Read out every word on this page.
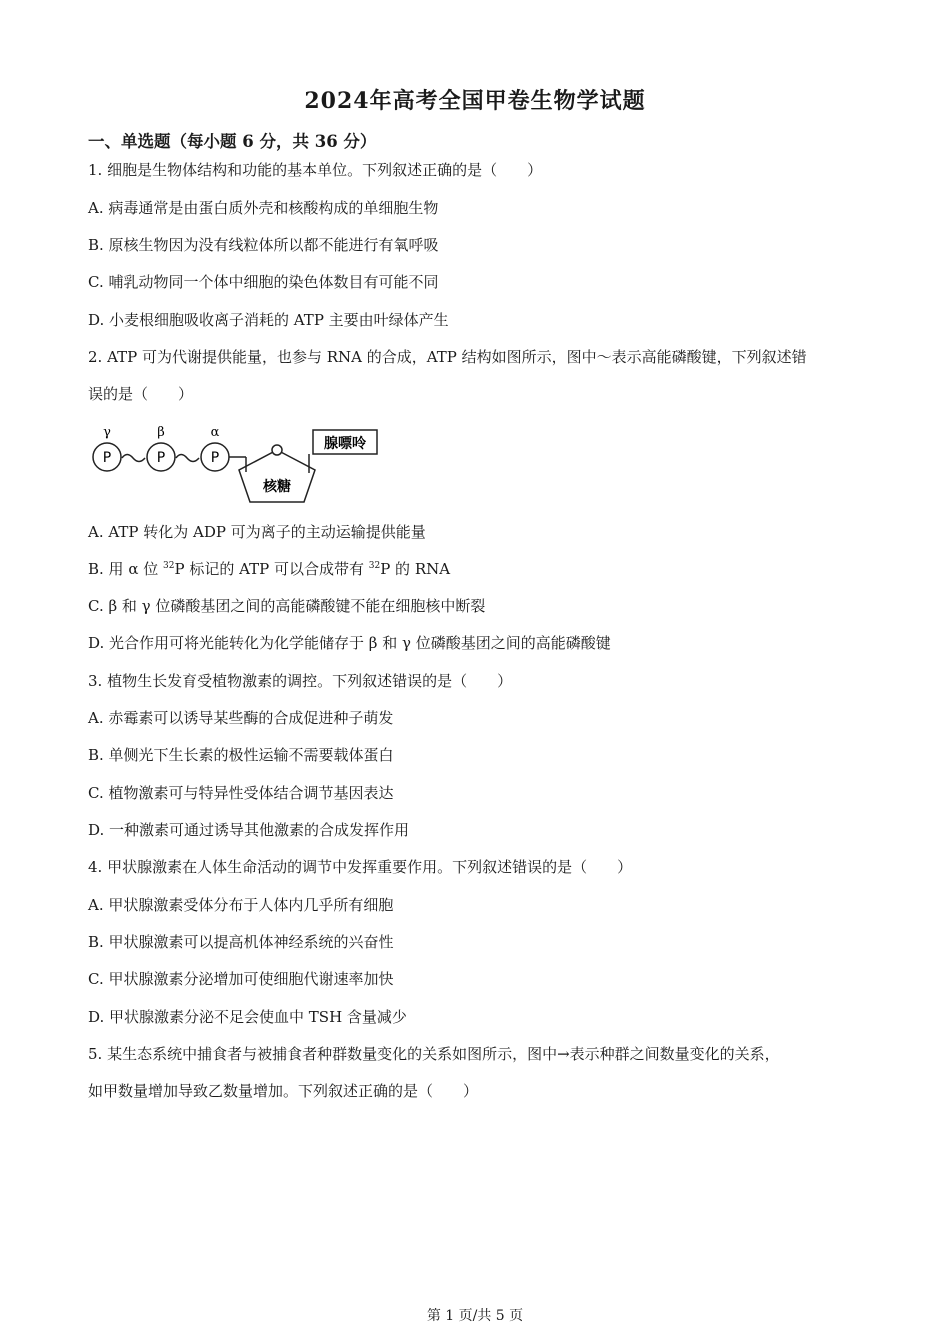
2024年高考全国甲卷生物学试题
一、单选题（每小题 6 分，共 36 分）
1. 细胞是生物体结构和功能的基本单位。下列叙述正确的是（　　）
A. 病毒通常是由蛋白质外壳和核酸构成的单细胞生物
B. 原核生物因为没有线粒体所以都不能进行有氧呼吸
C. 哺乳动物同一个体中细胞的染色体数目有可能不同
D. 小麦根细胞吸收离子消耗的 ATP 主要由叶绿体产生
2. ATP 可为代谢提供能量，也参与 RNA 的合成，ATP 结构如图所示，图中～表示高能磷酸键，下列叙述错
误的是（　　）
γ	β	α
P	P	P
核糖
腺嘌呤
A. ATP 转化为 ADP 可为离子的主动运输提供能量
B. 用 α 位 $^{32}$P 标记的 ATP 可以合成带有 $^{32}$P 的 RNA
C. β 和 γ 位磷酸基团之间的高能磷酸键不能在细胞核中断裂
D. 光合作用可将光能转化为化学能储存于 β 和 γ 位磷酸基团之间的高能磷酸键
3. 植物生长发育受植物激素的调控。下列叙述错误的是（　　）
A. 赤霉素可以诱导某些酶的合成促进种子萌发
B. 单侧光下生长素的极性运输不需要载体蛋白
C. 植物激素可与特异性受体结合调节基因表达
D. 一种激素可通过诱导其他激素的合成发挥作用
4. 甲状腺激素在人体生命活动的调节中发挥重要作用。下列叙述错误的是（　　）
A. 甲状腺激素受体分布于人体内几乎所有细胞
B. 甲状腺激素可以提高机体神经系统的兴奋性
C. 甲状腺激素分泌增加可使细胞代谢速率加快
D. 甲状腺激素分泌不足会使血中 TSH 含量减少
5. 某生态系统中捕食者与被捕食者种群数量变化的关系如图所示，图中→表示种群之间数量变化的关系，
如甲数量增加导致乙数量增加。下列叙述正确的是（　　）
第 1 页/共 5 页
